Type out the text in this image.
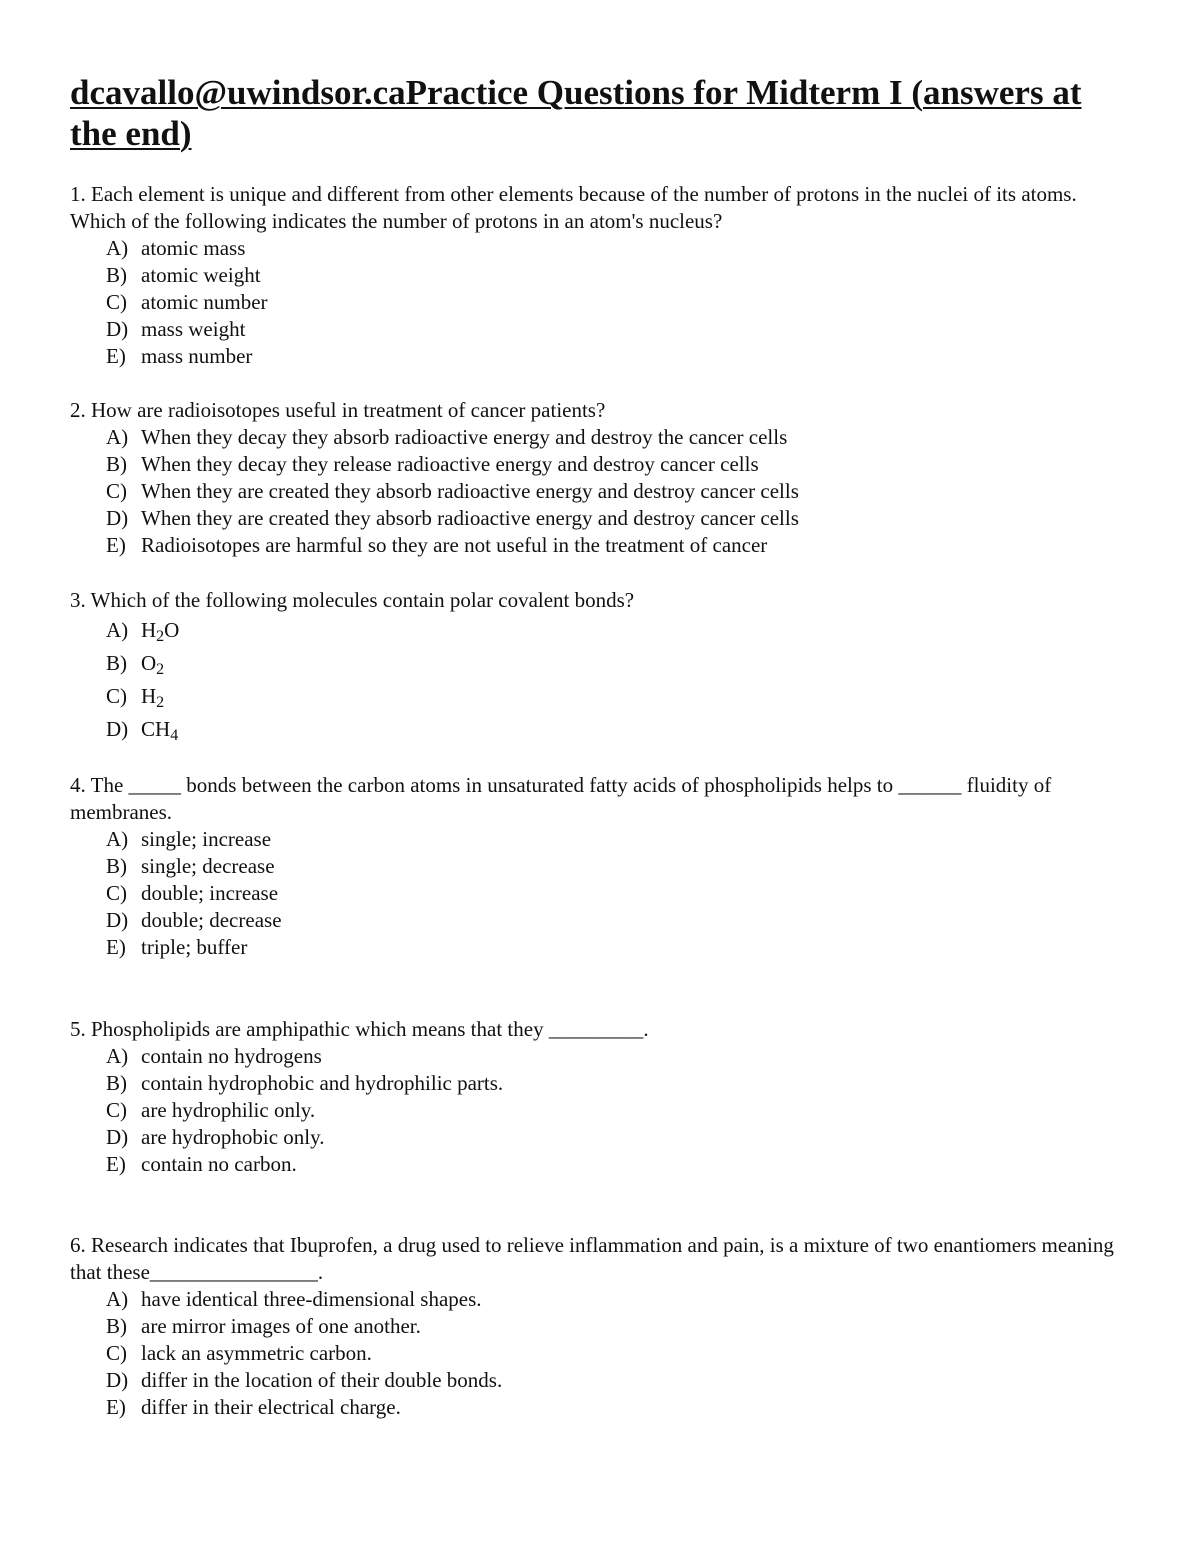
dcavallo@uwindsor.caPractice Questions for Midterm I (answers at the end)

1. Each element is unique and different from other elements because of the number of protons in the nuclei of its atoms. Which of the following indicates the number of protons in an atom's nucleus?

A) atomic mass
B) atomic weight
C) atomic number
D) mass weight
E) mass number

2. How are radioisotopes useful in treatment of cancer patients?

A) When they decay they absorb radioactive energy and destroy the cancer cells
B) When they decay they release radioactive energy and destroy cancer cells
C) When they are created they absorb radioactive energy and destroy cancer cells
D) When they are created they absorb radioactive energy and destroy cancer cells
E) Radioisotopes are harmful so they are not useful in the treatment of cancer

3. Which of the following molecules contain polar covalent bonds?

A) H2O
B) O2
C) H2
D) CH4

4. The _____ bonds between the carbon atoms in unsaturated fatty acids of phospholipids helps to ______ fluidity of membranes.

A) single; increase
B) single; decrease
C) double; increase
D) double; decrease
E) triple; buffer

5. Phospholipids are amphipathic which means that they _________.

A) contain no hydrogens
B) contain hydrophobic and hydrophilic parts.
C) are hydrophilic only.
D) are hydrophobic only.
E) contain no carbon.

6. Research indicates that Ibuprofen, a drug used to relieve inflammation and pain, is a mixture of two enantiomers meaning that these________________.

A) have identical three-dimensional shapes.
B) are mirror images of one another.
C) lack an asymmetric carbon.
D) differ in the location of their double bonds.
E) differ in their electrical charge.
